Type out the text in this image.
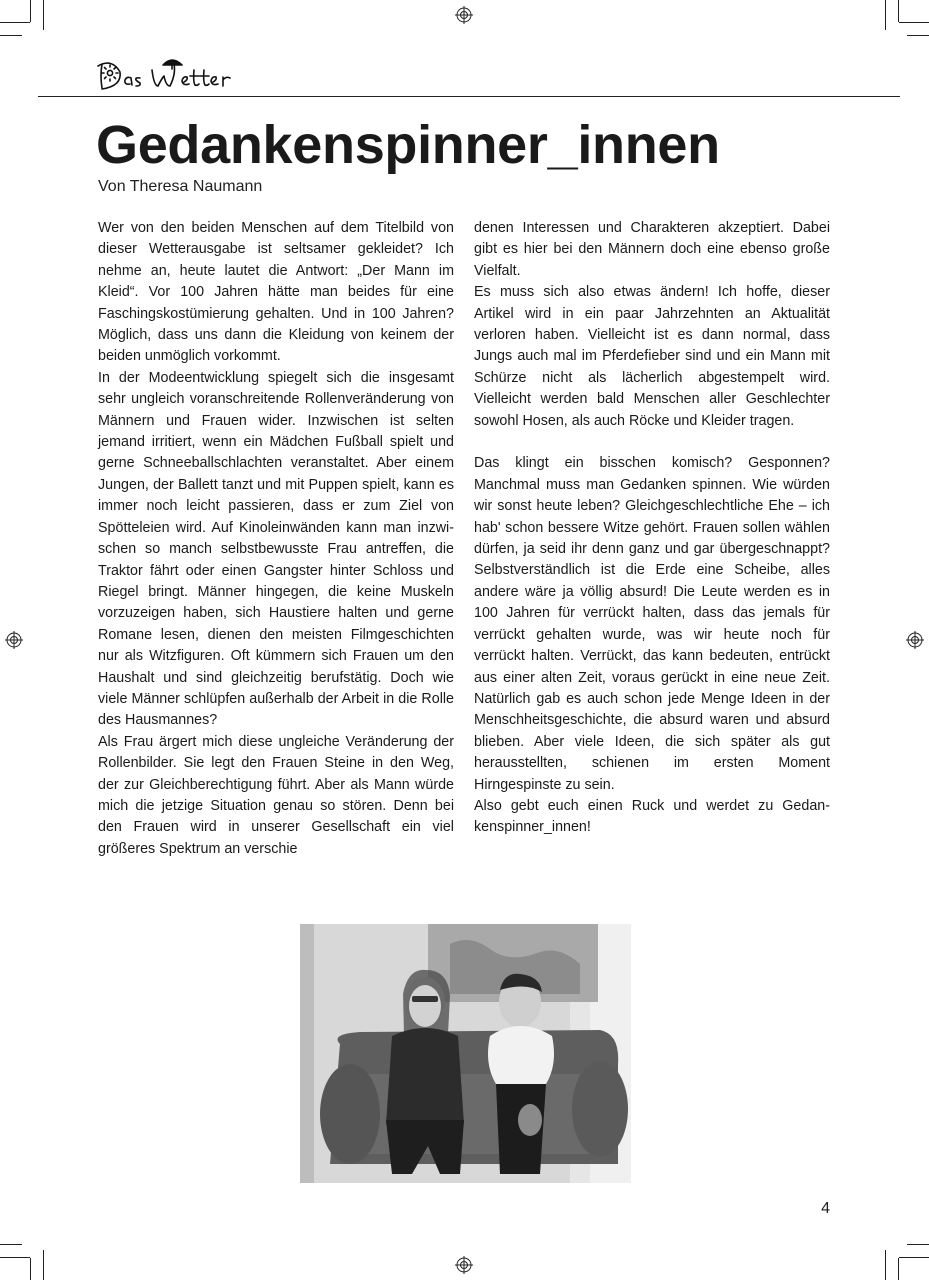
Gedankenspinner_innen
Von Theresa Naumann

Wer von den beiden Menschen auf dem Titelbild von dieser Wetterausgabe ist seltsamer gekleidet? Ich nehme an, heute lautet die Antwort: „Der Mann im Kleid“. Vor 100 Jahren hätte man beides für eine Faschingskostümierung gehalten. Und in 100 Jahren? Möglich, dass uns dann die Kleidung von keinem der beiden unmöglich vorkommt.

In der Modeentwicklung spiegelt sich die insgesamt sehr ungleich voranschreitende Rollenveränderung von Männern und Frauen wider. Inzwischen ist selten jemand irritiert, wenn ein Mädchen Fußball spielt und gerne Schneeballschlachten veranstaltet. Aber einem Jungen, der Ballett tanzt und mit Puppen spielt, kann es immer noch leicht passieren, dass er zum Ziel von Spötteleien wird. Auf Kinoleinwänden kann man inzwischen so manch selbstbewusste Frau antreffen, die Traktor fährt oder einen Gangster hinter Schloss und Riegel bringt. Männer hingegen, die keine Muskeln vorzuzeigen haben, sich Haustiere halten und gerne Romane lesen, dienen den meisten Filmgeschichten nur als Witzfiguren. Oft kümmern sich Frauen um den Haushalt und sind gleichzeitig berufstätig. Doch wie viele Männer schlüpfen außerhalb der Arbeit in die Rolle des Hausmannes?

Als Frau ärgert mich diese ungleiche Veränderung der Rollenbilder. Sie legt den Frauen Steine in den Weg, der zur Gleichberechtigung führt. Aber als Mann würde mich die jetzige Situation genau so stören. Denn bei den Frauen wird in unserer Gesellschaft ein viel größeres Spektrum an verschie

denen Interessen und Charakteren akzeptiert. Dabei gibt es hier bei den Männern doch eine ebenso große Vielfalt.

Es muss sich also etwas ändern! Ich hoffe, dieser Artikel wird in ein paar Jahrzehnten an Aktualität verloren haben. Vielleicht ist es dann normal, dass Jungs auch mal im Pferdefieber sind und ein Mann mit Schürze nicht als lächerlich abgestempelt wird. Vielleicht werden bald Menschen aller Geschlechter sowohl Hosen, als auch Röcke und Kleider tragen.

Das klingt ein bisschen komisch? Gesponnen? Manchmal muss man Gedanken spinnen. Wie würden wir sonst heute leben? Gleichgeschlechtliche Ehe – ich hab' schon bessere Witze gehört. Frauen sollen wählen dürfen, ja seid ihr denn ganz und gar übergeschnappt? Selbstverständlich ist die Erde eine Scheibe, alles andere wäre ja völlig absurd! Die Leute werden es in 100 Jahren für verrückt halten, dass das jemals für verrückt gehalten wurde, was wir heute noch für verrückt halten. Verrückt, das kann bedeuten, entrückt aus einer alten Zeit, voraus gerückt in eine neue Zeit. Natürlich gab es auch schon jede Menge Ideen in der Menschheitsgeschichte, die absurd waren und absurd blieben. Aber viele Ideen, die sich später als gut herausstellten, schienen im ersten Moment Hirngespinste zu sein.

Also gebt euch einen Ruck und werdet zu Gedankenspinner_innen!

4
